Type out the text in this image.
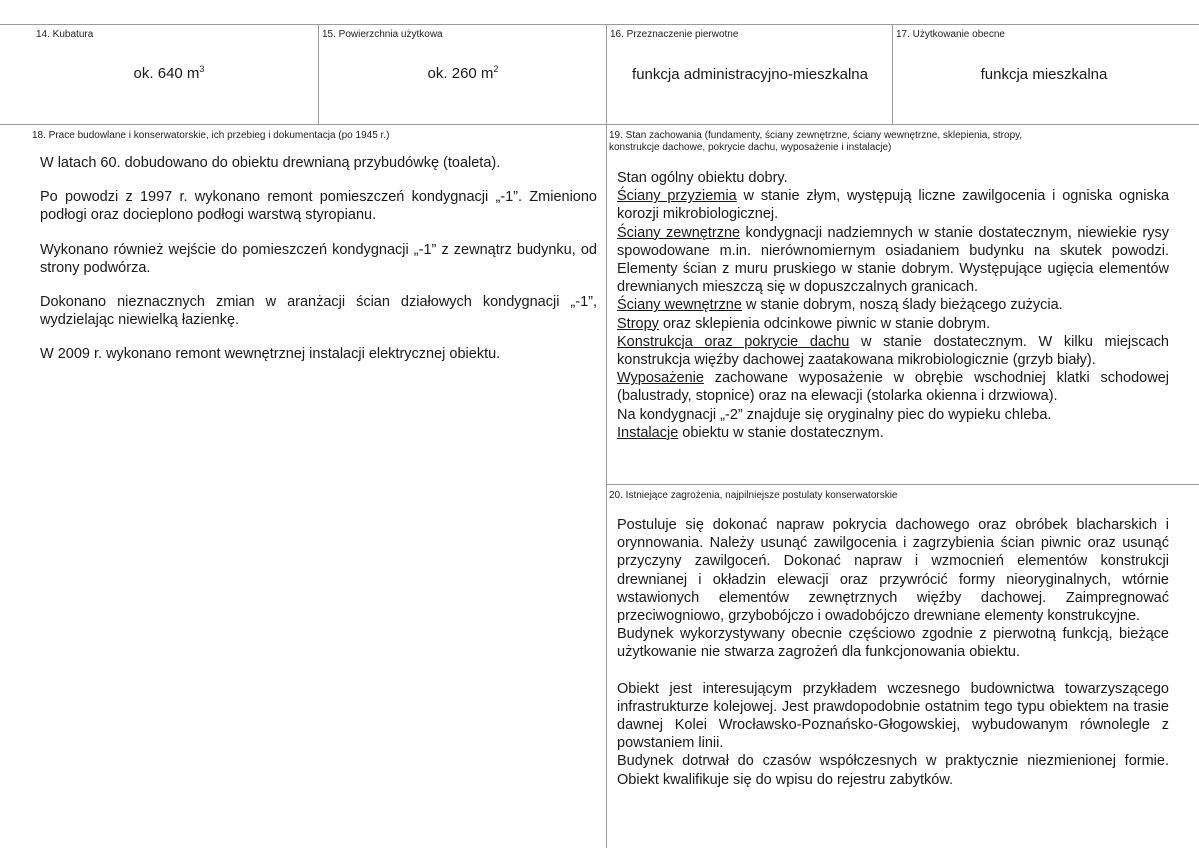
14. Kubatura
ok. 640 $m^3$
15. Powierzchnia użytkowa
ok. 260 $m^2$
16. Przeznaczenie pierwotne
funkcja administracyjno-mieszkalna
17. Użytkowanie obecne
funkcja mieszkalna
18. Prace budowlane i konserwatorskie, ich przebieg i dokumentacja (po 1945 r.)

W latach 60. dobudowano do obiektu drewnianą przybudówkę (toaleta).

Po powodzi z 1997 r. wykonano remont pomieszczeń kondygnacji „-1”. Zmieniono podłogi oraz docieplono podłogi warstwą styropianu.

Wykonano również wejście do pomieszczeń kondygnacji „-1” z zewnątrz budynku, od strony podwórza.

Dokonano nieznacznych zmian w aranżacji ścian działowych kondygnacji „-1”, wydzielając niewielką łazienkę.

W 2009 r. wykonano remont wewnętrznej instalacji elektrycznej obiektu.

19. Stan zachowania (fundamenty, ściany zewnętrzne, ściany wewnętrzne, sklepienia, stropy,
konstrukcje dachowe, pokrycie dachu, wyposażenie i instalacje)

Stan ogólny obiektu dobry.

Ściany przyziemia w stanie złym, występują liczne zawilgocenia i ogniska ogniska korozji mikrobiologicznej.

Ściany zewnętrzne kondygnacji nadziemnych w stanie dostatecznym, niewiekie rysy spowodowane m.in. nierównomiernym osiadaniem budynku na skutek powodzi. Elementy ścian z muru pruskiego w stanie dobrym. Występujące ugięcia elementów drewnianych mieszczą się w dopuszczalnych granicach.

Ściany wewnętrzne w stanie dobrym, noszą ślady bieżącego zużycia.

Stropy oraz sklepienia odcinkowe piwnic w stanie dobrym.

Konstrukcja oraz pokrycie dachu w stanie dostatecznym. W kilku miejscach konstrukcja więźby dachowej zaatakowana mikrobiologicznie (grzyb biały).

Wyposażenie zachowane wyposażenie w obrębie wschodniej klatki schodowej (balustrady, stopnice) oraz na elewacji (stolarka okienna i drzwiowa).

Na kondygnacji „-2” znajduje się oryginalny piec do wypieku chleba.

Instalacje obiektu w stanie dostatecznym.

20. Istniejące zagrożenia, najpilniejsze postulaty konserwatorskie

Postuluje się dokonać napraw pokrycia dachowego oraz obróbek blacharskich i orynnowania. Należy usunąć zawilgocenia i zagrzybienia ścian piwnic oraz usunąć przyczyny zawilgoceń. Dokonać napraw i wzmocnień elementów konstrukcji drewnianej i okładzin elewacji oraz przywrócić formy nieoryginalnych, wtórnie wstawionych elementów zewnętrznych więźby dachowej. Zaimpregnować przeciwogniowo, grzybobójczo i owadobójczo drewniane elementy konstrukcyjne.

Budynek wykorzystywany obecnie częściowo zgodnie z pierwotną funkcją, bieżące użytkowanie nie stwarza zagrożeń dla funkcjonowania obiektu.

Obiekt jest interesującym przykładem wczesnego budownictwa towarzyszącego infrastrukturze kolejowej. Jest prawdopodobnie ostatnim tego typu obiektem na trasie dawnej Kolei Wrocławsko-Poznańsko-Głogowskiej, wybudowanym równolegle z powstaniem linii.

Budynek dotrwał do czasów współczesnych w praktycznie niezmienionej formie. Obiekt kwalifikuje się do wpisu do rejestru zabytków.
